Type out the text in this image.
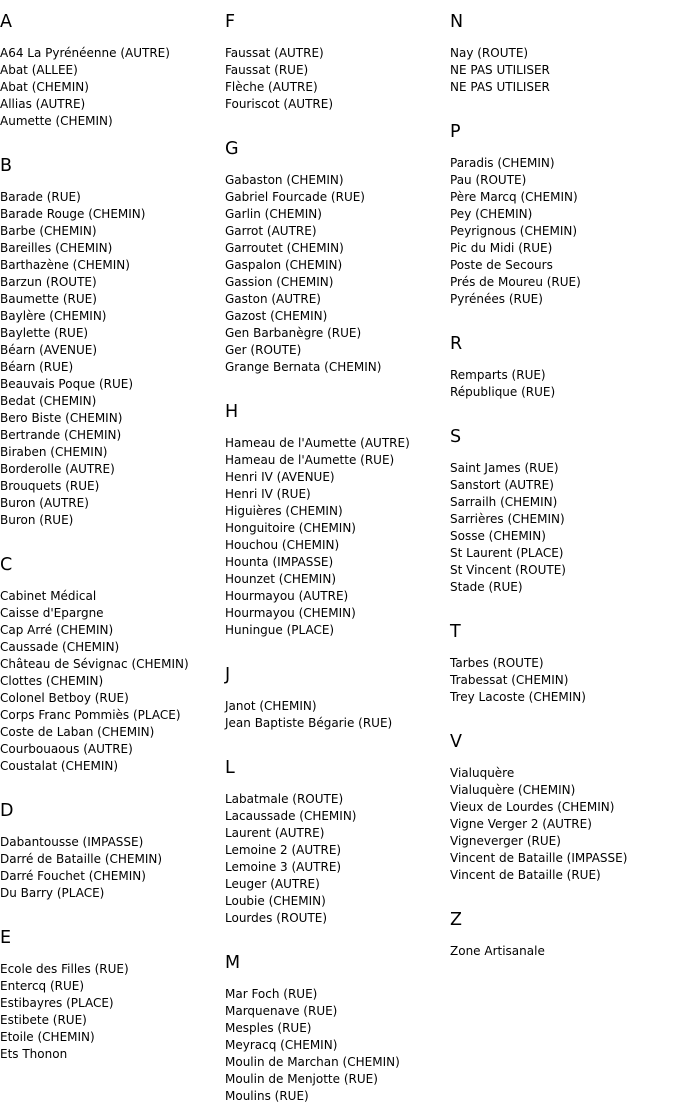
A
A64 La Pyrénéenne (AUTRE)
Abat (ALLEE)
Abat (CHEMIN)
Allias (AUTRE)
Aumette (CHEMIN)
B
Barade (RUE)
Barade Rouge (CHEMIN)
Barbe (CHEMIN)
Bareilles (CHEMIN)
Barthazène (CHEMIN)
Barzun (ROUTE)
Baumette (RUE)
Baylère (CHEMIN)
Baylette (RUE)
Béarn (AVENUE)
Béarn (RUE)
Beauvais Poque (RUE)
Bedat (CHEMIN)
Bero Biste (CHEMIN)
Bertrande (CHEMIN)
Biraben (CHEMIN)
Borderolle (AUTRE)
Brouquets (RUE)
Buron (AUTRE)
Buron (RUE)
C
Cabinet Médical
Caisse d'Epargne
Cap Arré (CHEMIN)
Caussade (CHEMIN)
Château de Sévignac (CHEMIN)
Clottes (CHEMIN)
Colonel Betboy (RUE)
Corps Franc Pommiès (PLACE)
Coste de Laban (CHEMIN)
Courbouaous (AUTRE)
Coustalat (CHEMIN)
D
Dabantousse (IMPASSE)
Darré de Bataille (CHEMIN)
Darré Fouchet (CHEMIN)
Du Barry (PLACE)
E
Ecole des Filles (RUE)
Entercq (RUE)
Estibayres (PLACE)
Estibete (RUE)
Etoile (CHEMIN)
Ets Thonon
F
Faussat (AUTRE)
Faussat (RUE)
Flèche (AUTRE)
Fouriscot (AUTRE)
G
Gabaston (CHEMIN)
Gabriel Fourcade (RUE)
Garlin (CHEMIN)
Garrot (AUTRE)
Garroutet (CHEMIN)
Gaspalon (CHEMIN)
Gassion (CHEMIN)
Gaston (AUTRE)
Gazost (CHEMIN)
Gen Barbanègre (RUE)
Ger (ROUTE)
Grange Bernata (CHEMIN)
H
Hameau de l'Aumette (AUTRE)
Hameau de l'Aumette (RUE)
Henri IV (AVENUE)
Henri IV (RUE)
Higuières (CHEMIN)
Honguitoire (CHEMIN)
Houchou (CHEMIN)
Hounta (IMPASSE)
Hounzet (CHEMIN)
Hourmayou (AUTRE)
Hourmayou (CHEMIN)
Huningue (PLACE)
J
Janot (CHEMIN)
Jean Baptiste Bégarie (RUE)
L
Labatmale (ROUTE)
Lacaussade (CHEMIN)
Laurent (AUTRE)
Lemoine 2 (AUTRE)
Lemoine 3 (AUTRE)
Leuger (AUTRE)
Loubie (CHEMIN)
Lourdes (ROUTE)
M
Mar Foch (RUE)
Marquenave (RUE)
Mesples (RUE)
Meyracq (CHEMIN)
Moulin de Marchan (CHEMIN)
Moulin de Menjotte (RUE)
Moulins (RUE)
N
Nay (ROUTE)
NE PAS UTILISER
NE PAS UTILISER
P
Paradis (CHEMIN)
Pau (ROUTE)
Père Marcq (CHEMIN)
Pey (CHEMIN)
Peyrignous (CHEMIN)
Pic du Midi (RUE)
Poste de Secours
Prés de Moureu (RUE)
Pyrénées (RUE)
R
Remparts (RUE)
République (RUE)
S
Saint James (RUE)
Sanstort (AUTRE)
Sarrailh (CHEMIN)
Sarrières (CHEMIN)
Sosse (CHEMIN)
St Laurent (PLACE)
St Vincent (ROUTE)
Stade (RUE)
T
Tarbes (ROUTE)
Trabessat (CHEMIN)
Trey Lacoste (CHEMIN)
V
Vialuquère
Vialuquère (CHEMIN)
Vieux de Lourdes (CHEMIN)
Vigne Verger 2 (AUTRE)
Vigneverger (RUE)
Vincent de Bataille (IMPASSE)
Vincent de Bataille (RUE)
Z
Zone Artisanale
